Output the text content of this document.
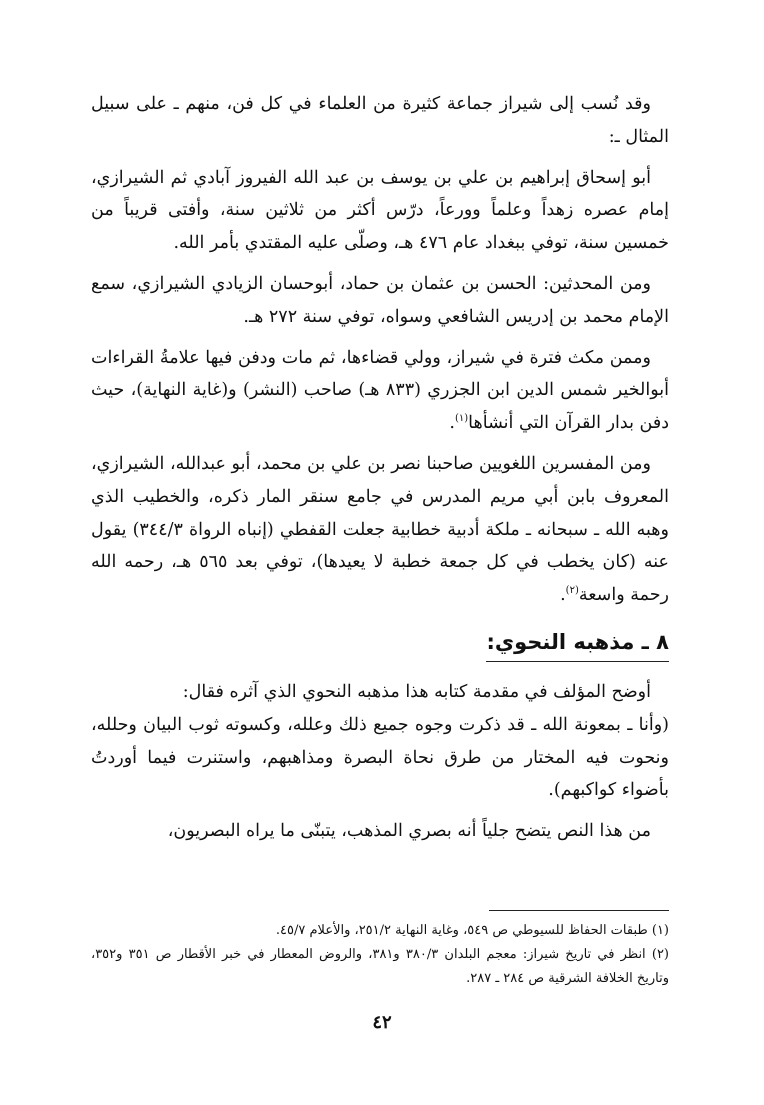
وقد نُسب إلى شيراز جماعة كثيرة من العلماء في كل فن، منهم ـ على سبيل المثال ـ:

أبو إسحاق إبراهيم بن علي بن يوسف بن عبد الله الفيروز آبادي ثم الشيرازي، إمام عصره زهداً وعلماً وورعاً، درّس أكثر من ثلاثين سنة، وأفتى قريباً من خمسين سنة، توفي ببغداد عام ٤٧٦ هـ، وصلّى عليه المقتدي بأمر الله.

ومن المحدثين: الحسن بن عثمان بن حماد، أبوحسان الزيادي الشيرازي، سمع الإمام محمد بن إدريس الشافعي وسواه، توفي سنة ٢٧٢ هـ.

وممن مكث فترة في شيراز، وولي قضاءها، ثم مات ودفن فيها علامةُ القراءات أبوالخير شمس الدين ابن الجزري (٨٣٣ هـ) صاحب (النشر) و(غاية النهاية)، حيث دفن بدار القرآن التي أنشأها$^{(١)}$.

ومن المفسرين اللغويين صاحبنا نصر بن علي بن محمد، أبو عبدالله، الشيرازي، المعروف بابن أبي مريم المدرس في جامع سنقر المار ذكره، والخطيب الذي وهبه الله ـ سبحانه ـ ملكة أدبية خطابية جعلت القفطي (إنباه الرواة ٣٤٤/٣) يقول عنه (كان يخطب في كل جمعة خطبة لا يعيدها)، توفي بعد ٥٦٥ هـ، رحمه الله رحمة واسعة$^{(٢)}$.

٨ ـ مذهبه النحوي:

أوضح المؤلف في مقدمة كتابه هذا مذهبه النحوي الذي آثره فقال:

(وأنا ـ بمعونة الله ـ قد ذكرت وجوه جميع ذلك وعلله، وكسوته ثوب البيان وحلله، ونحوت فيه المختار من طرق نحاة البصرة ومذاهبهم، واستنرت فيما أوردتُ بأضواء كواكبهم).

من هذا النص يتضح جلياً أنه بصري المذهب، يتبنّى ما يراه البصريون،

(١) طبقات الحفاظ للسيوطي ص ٥٤٩، وغاية النهاية ٢٥١/٢، والأعلام ٤٥/٧.

(٢) انظر في تاريخ شيراز: معجم البلدان ٣٨٠/٣ و٣٨١، والروض المعطار في خبر الأقطار ص ٣٥١ و٣٥٢، وتاريخ الخلافة الشرقية ص ٢٨٤ ـ ٢٨٧.

٤٢
